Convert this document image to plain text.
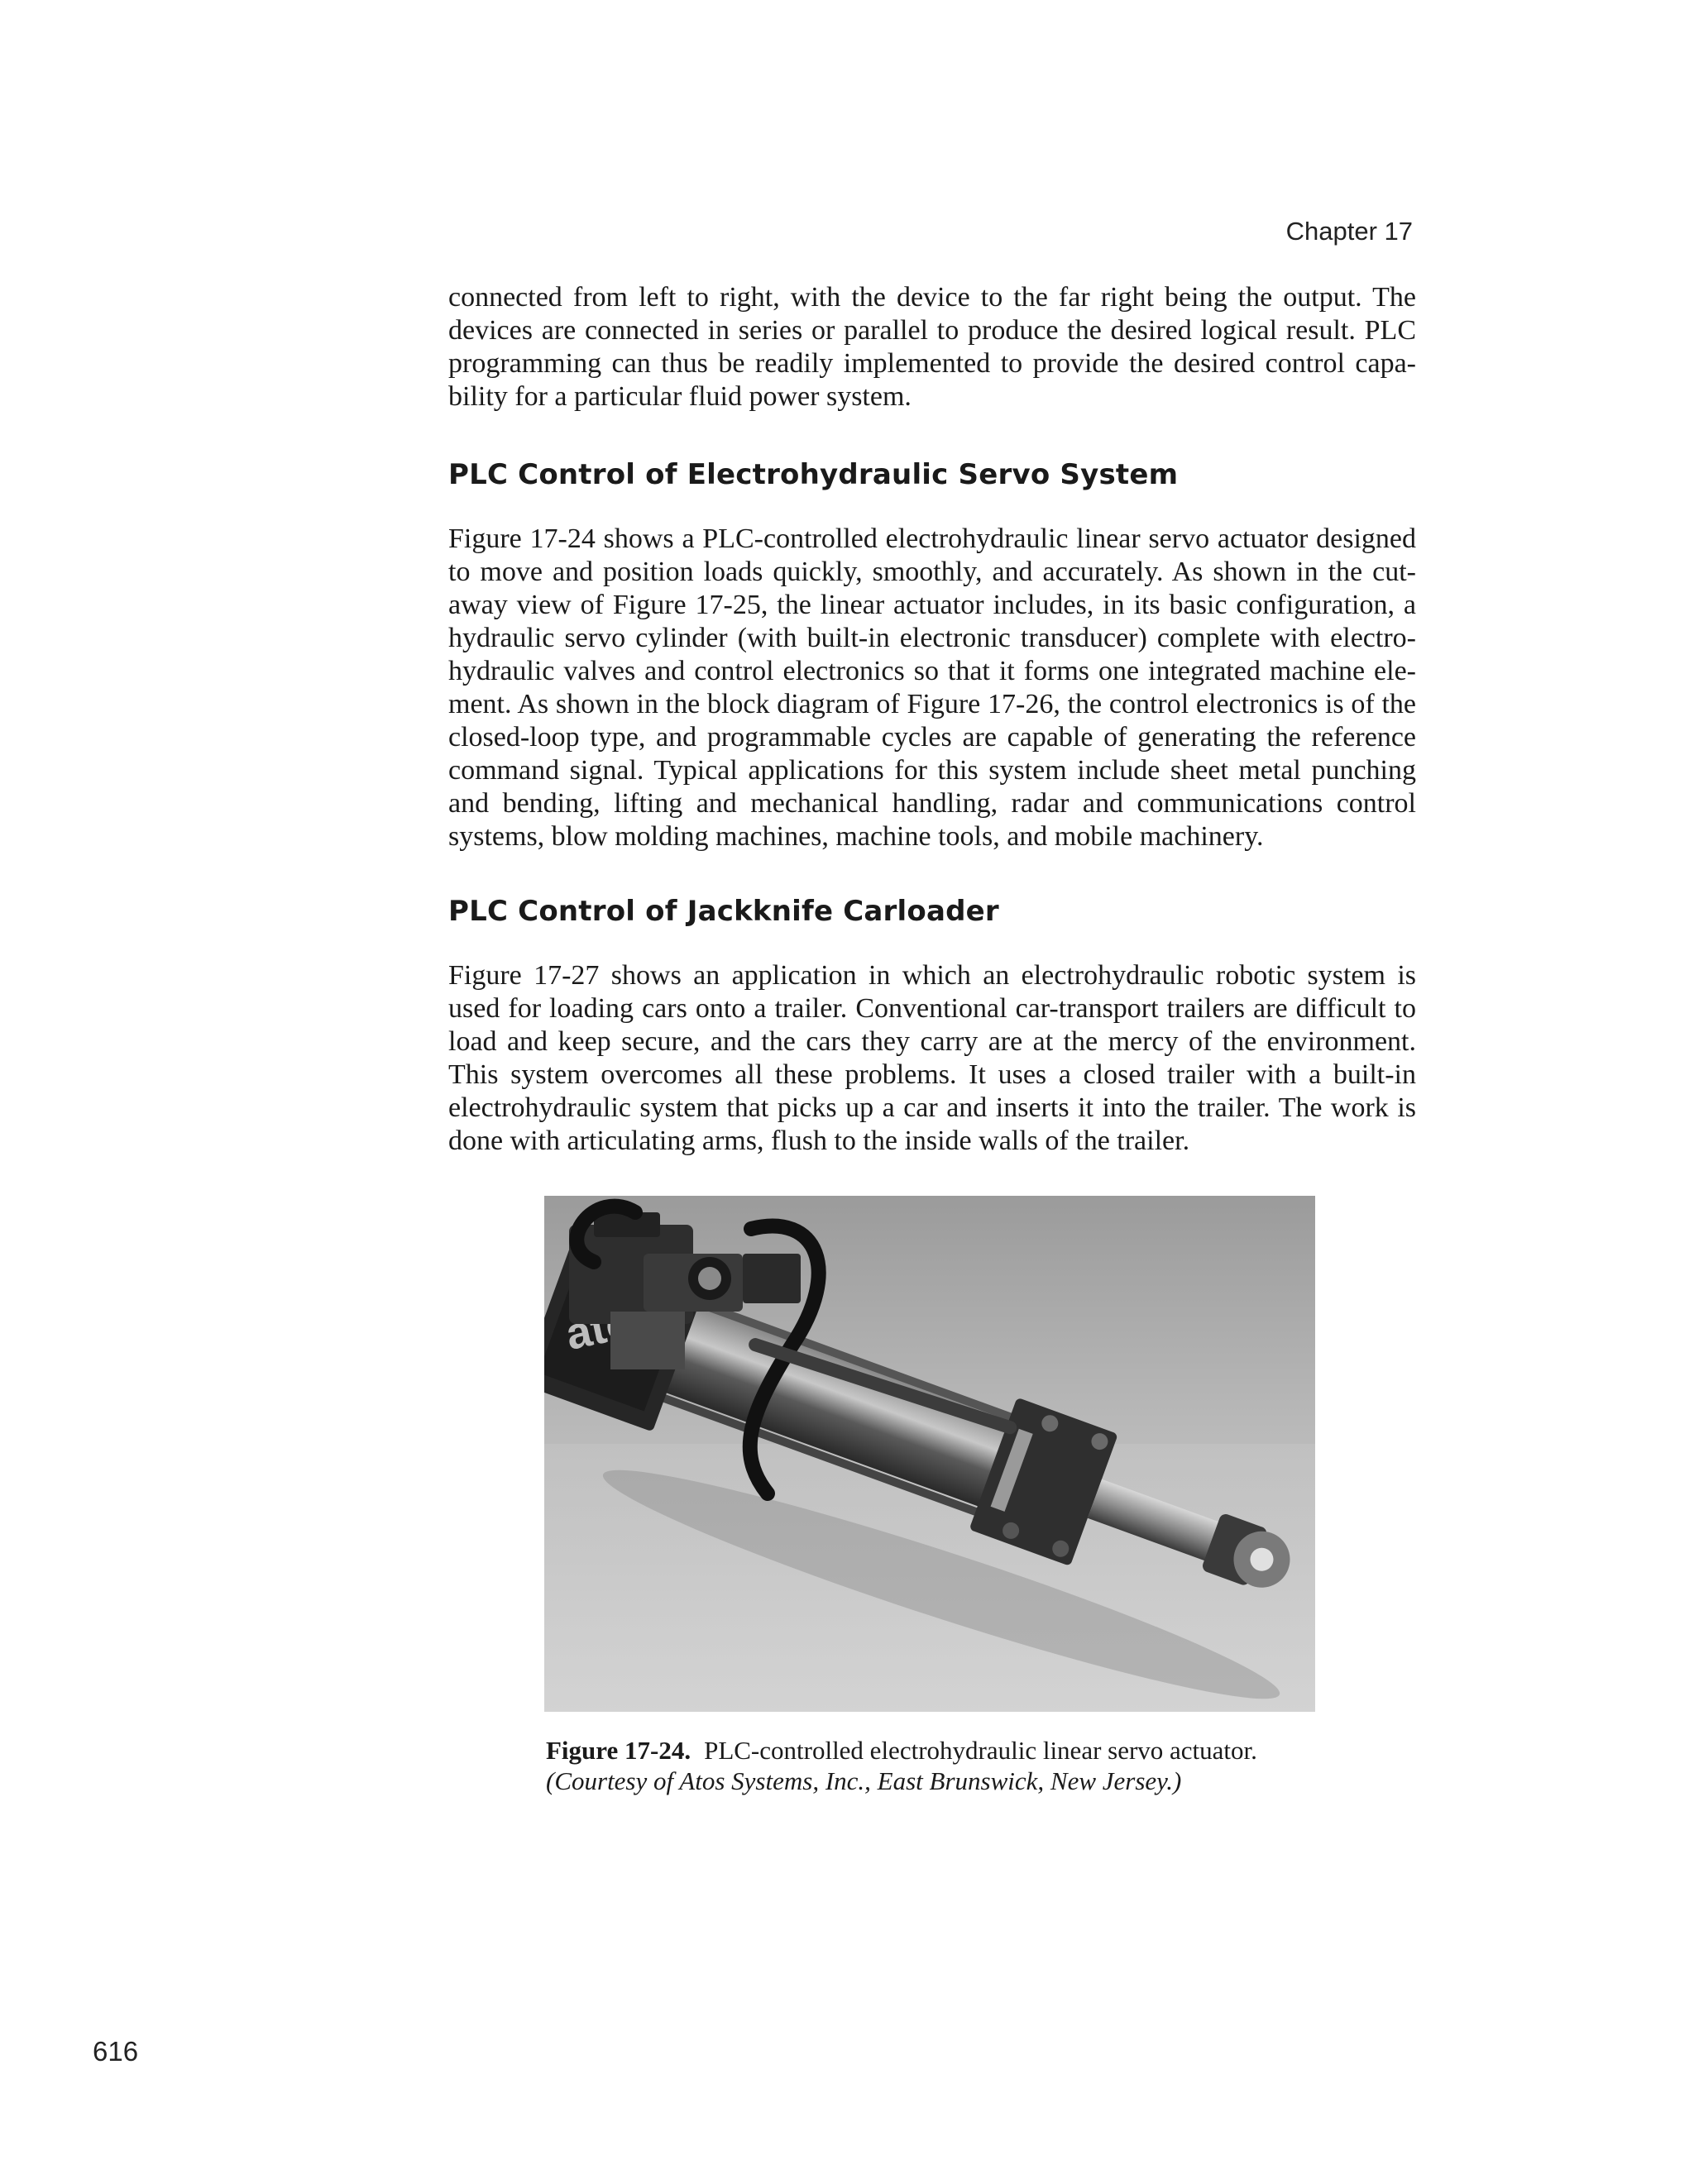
Chapter 17

connected from left to right, with the device to the far right being the output. The devices are connected in series or parallel to produce the desired logical result. PLC programming can thus be readily implemented to provide the desired control capability for a particular fluid power system.

PLC Control of Electrohydraulic Servo System

Figure 17-24 shows a PLC-controlled electrohydraulic linear servo actuator designed to move and position loads quickly, smoothly, and accurately. As shown in the cutaway view of Figure 17-25, the linear actuator includes, in its basic configuration, a hydraulic servo cylinder (with built-in electronic transducer) complete with electrohydraulic valves and control electronics so that it forms one integrated machine element. As shown in the block diagram of Figure 17-26, the control electronics is of the closed-loop type, and programmable cycles are capable of generating the reference command signal. Typical applications for this system include sheet metal punching and bending, lifting and mechanical handling, radar and communications control systems, blow molding machines, machine tools, and mobile machinery.

PLC Control of Jackknife Carloader

Figure 17-27 shows an application in which an electrohydraulic robotic system is used for loading cars onto a trailer. Conventional car-transport trailers are difficult to load and keep secure, and the cars they carry are at the mercy of the environment. This system overcomes all these problems. It uses a closed trailer with a built-in electrohydraulic system that picks up a car and inserts it into the trailer. The work is done with articulating arms, flush to the inside walls of the trailer.

Figure 17-24. PLC-controlled electrohydraulic linear servo actuator.
(Courtesy of Atos Systems, Inc., East Brunswick, New Jersey.)
616
